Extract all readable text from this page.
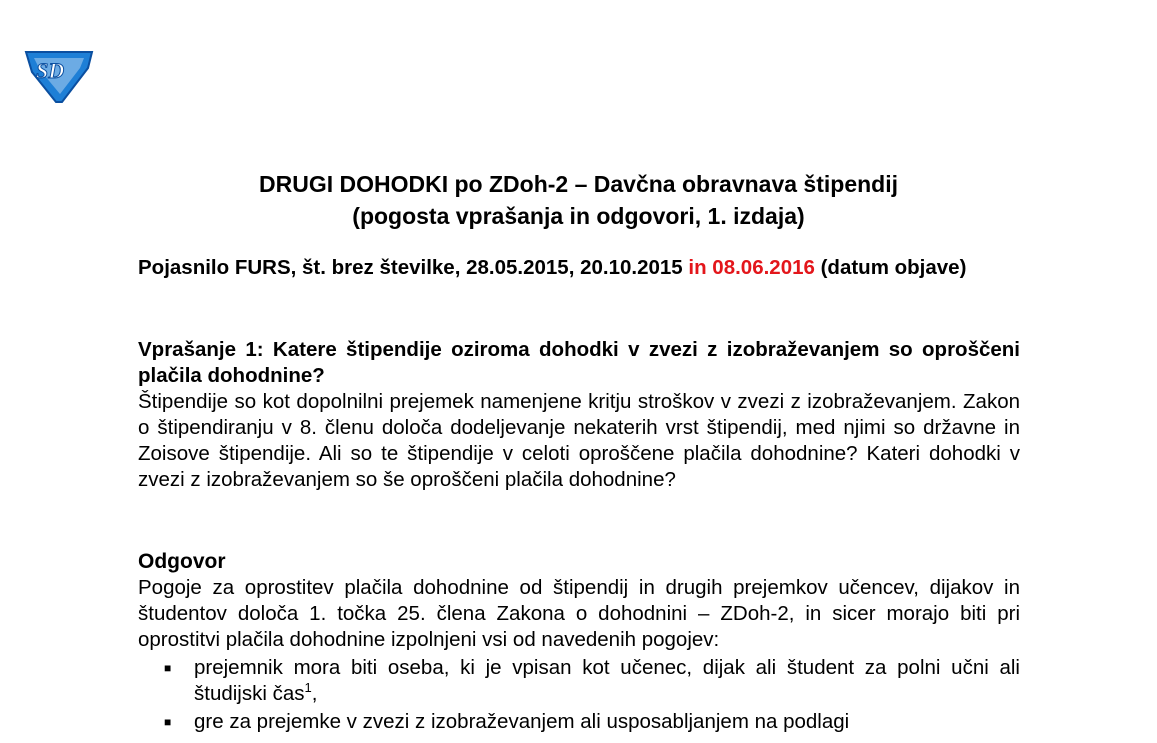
SD
DRUGI DOHODKI po ZDoh-2 – Davčna obravnava štipendij
(pogosta vprašanja in odgovori, 1. izdaja)
Pojasnilo FURS, št. brez številke, 28.05.2015, 20.10.2015 in 08.06.2016 (datum objave)
Vprašanje 1: Katere štipendije oziroma dohodki v zvezi z izobraževanjem so oproščeni plačila dohodnine?
Štipendije so kot dopolnilni prejemek namenjene kritju stroškov v zvezi z izobraževanjem. Zakon o štipendiranju v 8. členu določa dodeljevanje nekaterih vrst štipendij, med njimi so državne in Zoisove štipendije. Ali so te štipendije v celoti oproščene plačila dohodnine? Kateri dohodki v zvezi z izobraževanjem so še oproščeni plačila dohodnine?
Odgovor
Pogoje za oprostitev plačila dohodnine od štipendij in drugih prejemkov učencev, dijakov in študentov določa 1. točka 25. člena Zakona o dohodnini – ZDoh-2, in sicer morajo biti pri oprostitvi plačila dohodnine izpolnjeni vsi od navedenih pogojev:
■ prejemnik mora biti oseba, ki je vpisan kot učenec, dijak ali študent za polni učni ali študijski čas$^1$,
■ gre za prejemke v zvezi z izobraževanjem ali usposabljanjem na podlagi
